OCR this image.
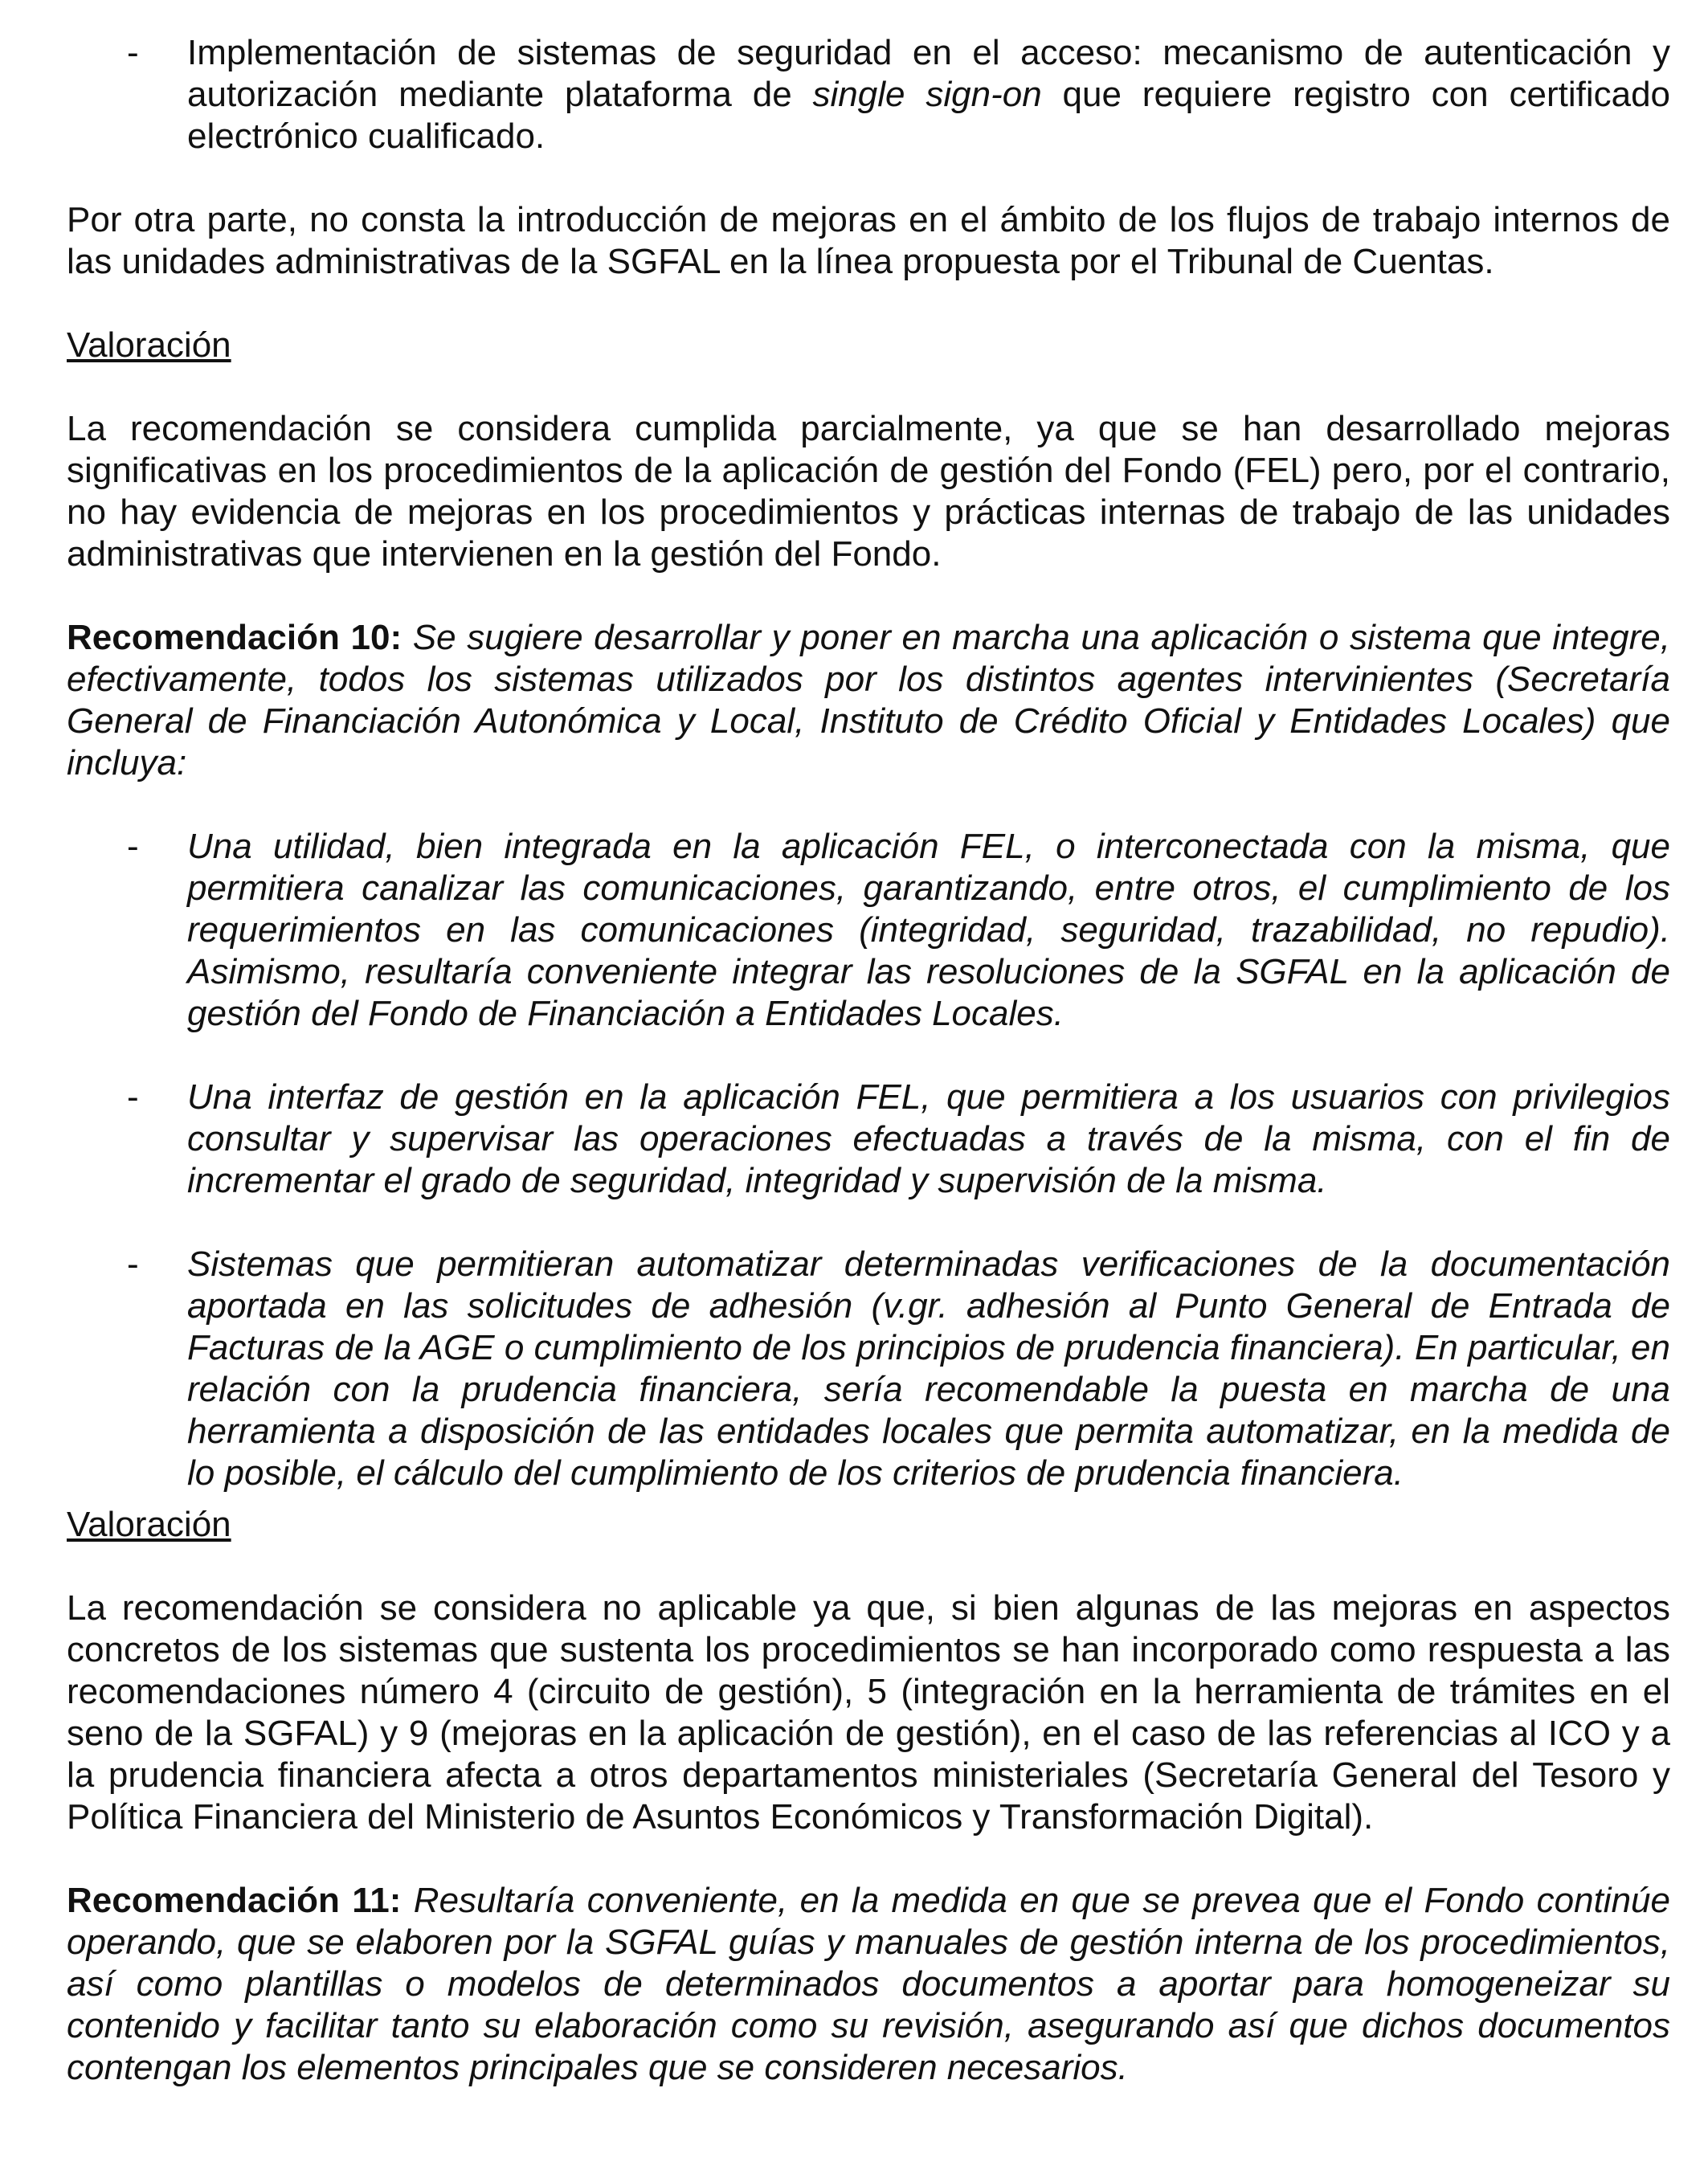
- Implementación de sistemas de seguridad en el acceso: mecanismo de autenticación y autorización mediante plataforma de single sign-on que requiere registro con certificado electrónico cualificado.
Por otra parte, no consta la introducción de mejoras en el ámbito de los flujos de trabajo internos de las unidades administrativas de la SGFAL en la línea propuesta por el Tribunal de Cuentas.
Valoración
La recomendación se considera cumplida parcialmente, ya que se han desarrollado mejoras significativas en los procedimientos de la aplicación de gestión del Fondo (FEL) pero, por el contrario, no hay evidencia de mejoras en los procedimientos y prácticas internas de trabajo de las unidades administrativas que intervienen en la gestión del Fondo.
Recomendación 10: Se sugiere desarrollar y poner en marcha una aplicación o sistema que integre, efectivamente, todos los sistemas utilizados por los distintos agentes intervinientes (Secretaría General de Financiación Autonómica y Local, Instituto de Crédito Oficial y Entidades Locales) que incluya:
- Una utilidad, bien integrada en la aplicación FEL, o interconectada con la misma, que permitiera canalizar las comunicaciones, garantizando, entre otros, el cumplimiento de los requerimientos en las comunicaciones (integridad, seguridad, trazabilidad, no repudio). Asimismo, resultaría conveniente integrar las resoluciones de la SGFAL en la aplicación de gestión del Fondo de Financiación a Entidades Locales.
- Una interfaz de gestión en la aplicación FEL, que permitiera a los usuarios con privilegios consultar y supervisar las operaciones efectuadas a través de la misma, con el fin de incrementar el grado de seguridad, integridad y supervisión de la misma.
- Sistemas que permitieran automatizar determinadas verificaciones de la documentación aportada en las solicitudes de adhesión (v.gr. adhesión al Punto General de Entrada de Facturas de la AGE o cumplimiento de los principios de prudencia financiera). En particular, en relación con la prudencia financiera, sería recomendable la puesta en marcha de una herramienta a disposición de las entidades locales que permita automatizar, en la medida de lo posible, el cálculo del cumplimiento de los criterios de prudencia financiera.
Valoración
La recomendación se considera no aplicable ya que, si bien algunas de las mejoras en aspectos concretos de los sistemas que sustenta los procedimientos se han incorporado como respuesta a las recomendaciones número 4 (circuito de gestión), 5 (integración en la herramienta de trámites en el seno de la SGFAL) y 9 (mejoras en la aplicación de gestión), en el caso de las referencias al ICO y a la prudencia financiera afecta a otros departamentos ministeriales (Secretaría General del Tesoro y Política Financiera del Ministerio de Asuntos Económicos y Transformación Digital).
Recomendación 11: Resultaría conveniente, en la medida en que se prevea que el Fondo continúe operando, que se elaboren por la SGFAL guías y manuales de gestión interna de los procedimientos, así como plantillas o modelos de determinados documentos a aportar para homogeneizar su contenido y facilitar tanto su elaboración como su revisión, asegurando así que dichos documentos contengan los elementos principales que se consideren necesarios.
